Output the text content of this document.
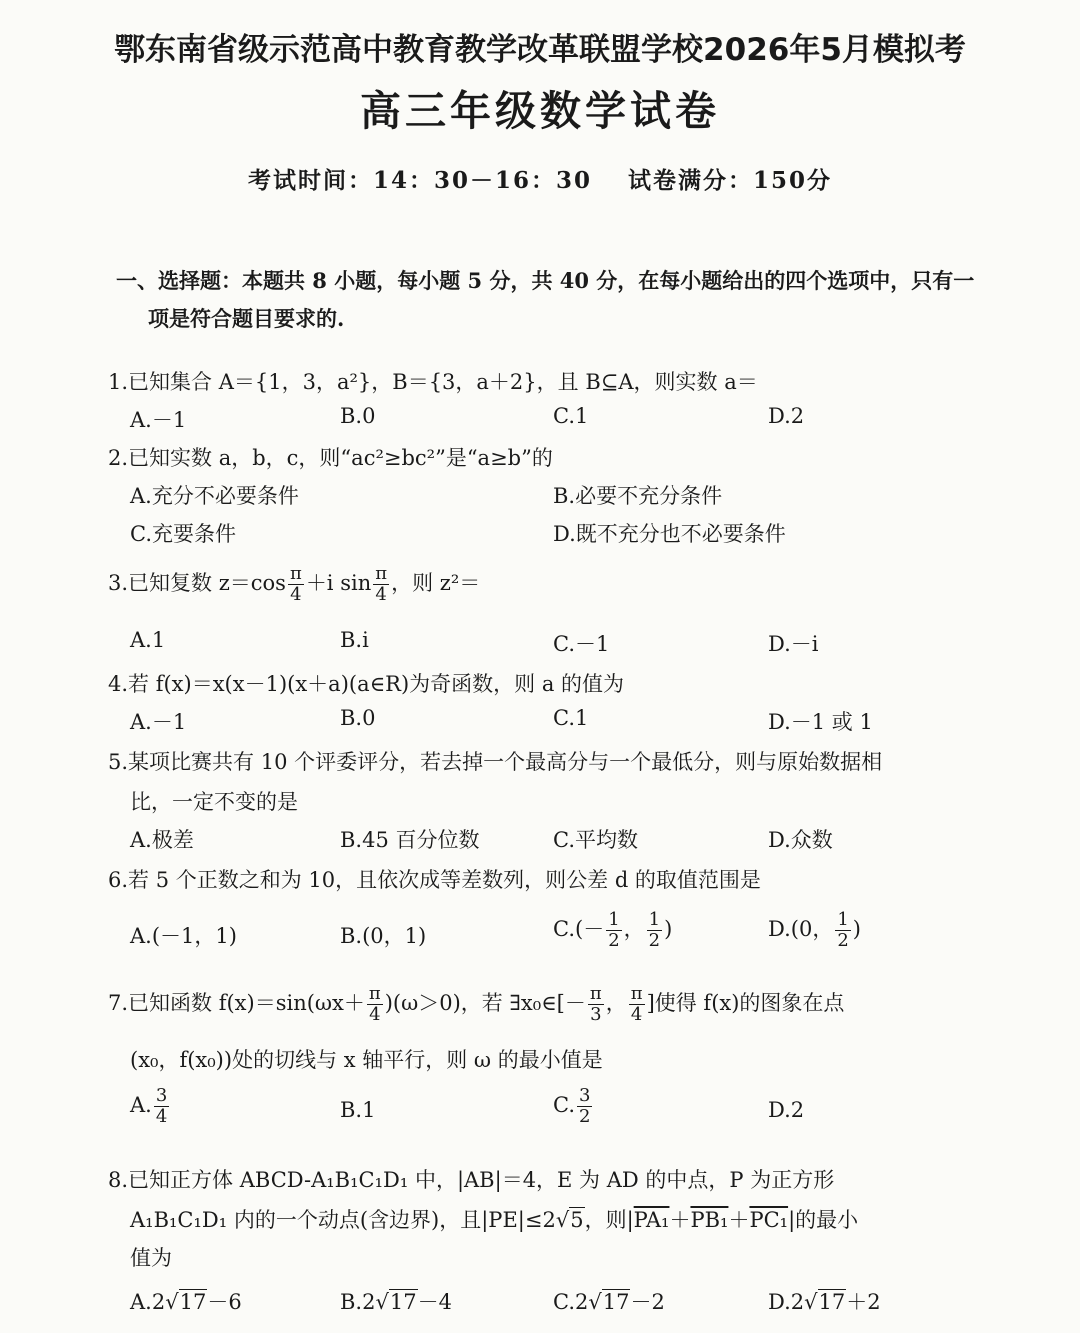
鄂东南省级示范高中教育教学改革联盟学校2026年5月模拟考
高三年级数学试卷
考试时间：14：30－16：30 试卷满分：150分
一、选择题：本题共 8 小题，每小题 5 分，共 40 分，在每小题给出的四个选项中，只有一
项是符合题目要求的.
1.已知集合 A＝{1，3，a²}，B＝{3，a＋2}，且 B⊆A，则实数 a＝
A.－1	B.0	C.1	D.2
2.已知实数 a，b，c，则“ac²≥bc²”是“a≥b”的
A.充分不必要条件	B.必要不充分条件
C.充要条件	D.既不充分也不必要条件
3.已知复数 $z=\cos \frac{\pi}{4} +i$ $\sin \frac{\pi}{4}$ ，则 z²＝
A.1	B.i	C.－1	D.－i
4.若 f(x)＝x(x－1)(x＋a)(a∈R)为奇函数，则 a 的值为
A.－1	B.0	C.1	D.－1 或 1
5.某项比赛共有 10 个评委评分，若去掉一个最高分与一个最低分，则与原始数据相
比，一定不变的是
A.极差	B.45 百分位数	C.平均数	D.众数
6.若 5 个正数之和为 10，且依次成等差数列，则公差 d 的取值范围是
A.(－1，1)	B.(0，1)	$C.(- \frac{1}{2}$ ， $\frac{1}{2}$ )	D.(0， $\frac{1}{2}$ )
7.已知函数 $f(x)=\sin(\omega x+ \frac{\pi}{4} )(\omega>0)$，若 ∃x₀∈[－ $\frac{\pi}{3}$ ， $\frac{\pi}{4}$ ]使得 f(x)的图象在点
(x₀，f(x₀))处的切线与 x 轴平行，则 ω 的最小值是
A. $\frac{3}{4}$	B.1	C. $\frac{3}{2}$	D.2
8.已知正方体 ABCD-A₁B₁C₁D₁ 中，|AB|＝4，E 为 AD 的中点，P 为正方形
A₁B₁C₁D₁ 内的一个动点(含边界)，且|PE|≤2√5，则|PA₁＋PB₁＋PC₁|的最小
值为
A.2√17－6	B.2√17－4	C.2√17－2	D.2√17＋2
